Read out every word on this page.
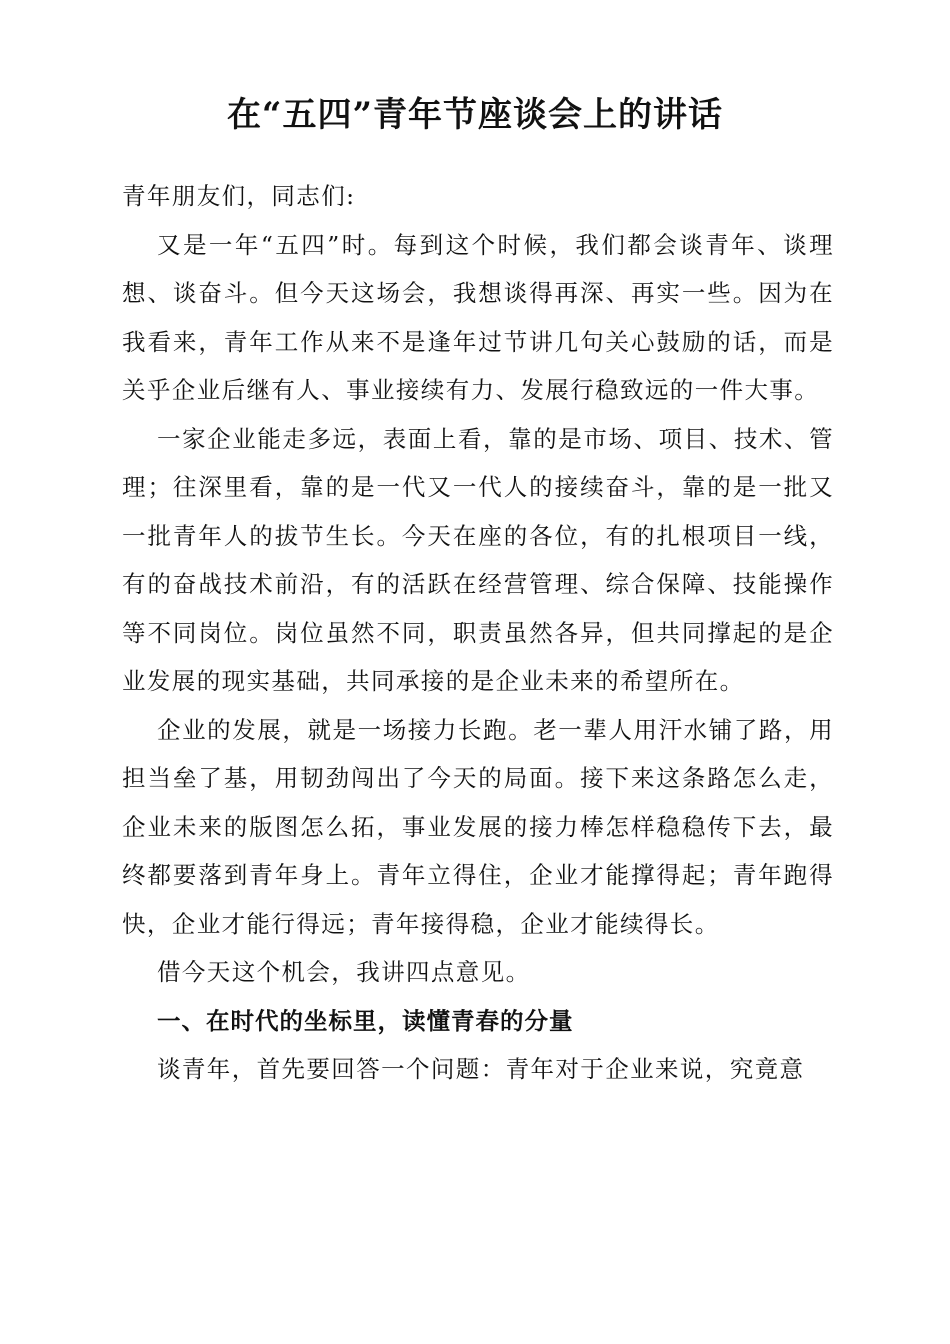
在“五四”青年节座谈会上的讲话

青年朋友们，同志们:

又是一年“五四”时。每到这个时候，我们都会谈青年、谈理想、谈奋斗。但今天这场会，我想谈得再深、再实一些。因为在我看来，青年工作从来不是逢年过节讲几句关心鼓励的话，而是关乎企业后继有人、事业接续有力、发展行稳致远的一件大事。

一家企业能走多远，表面上看，靠的是市场、项目、技术、管理；往深里看，靠的是一代又一代人的接续奋斗，靠的是一批又一批青年人的拔节生长。今天在座的各位，有的扎根项目一线，有的奋战技术前沿，有的活跃在经营管理、综合保障、技能操作等不同岗位。岗位虽然不同，职责虽然各异，但共同撑起的是企业发展的现实基础，共同承接的是企业未来的希望所在。

企业的发展，就是一场接力长跑。老一辈人用汗水铺了路，用担当垒了基，用韧劲闯出了今天的局面。接下来这条路怎么走，企业未来的版图怎么拓，事业发展的接力棒怎样稳稳传下去，最终都要落到青年身上。青年立得住，企业才能撑得起；青年跑得快，企业才能行得远；青年接得稳，企业才能续得长。

借今天这个机会，我讲四点意见。

一、在时代的坐标里，读懂青春的分量

谈青年，首先要回答一个问题：青年对于企业来说，究竟意
